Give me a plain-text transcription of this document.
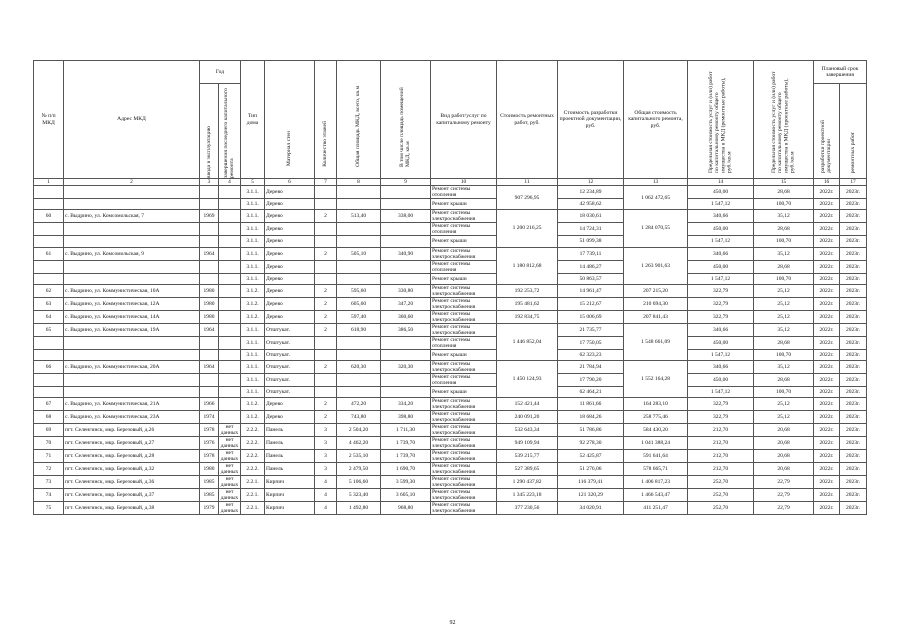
№ п/п МКД	Адрес МКД	Год		Тип дома	Материал стен	Количество этажей	Общая площадь МКД, всего, кв.м	В том числе площадь помещений МКД, кв.м	Вид работ/услуг по капитальному ремонту	Стоимость ремонтных работ, руб.	Стоимость разработки проектной документации, руб.	Общая стоимость капитального ремонта, руб.	Предельная стоимость услуг и (или) работ по капитальному ремонту общего имущества в МКД (ремонтные работы), руб./кв.м	Предельная стоимость услуг и (или) работ по капитальному ремонту общего имущества в МКД (проектные работы), руб./кв.м	Плановый срок завершения	

		ввода в эксплуатацию	завершения последнего капитального ремонта												разработки проектной документации	ремонтных работ

1	2	3	4	5	6	7	8	9	10	11	12	13	14	15	16	17
				3.1.1.	Дерево				Ремонт системы отопления	907 296,95	12 234,89	1 062 472,65	450,00	28,68	2022г.	2023г.
				3.1.1.	Дерево				Ремонт крыши		42 958,62		1 547,12	100,70	2022г.	2023г.
60	с. Выдрино, ул. Комсомольская, 7	1969		3.1.1.	Дерево	2	513,40	338,00	Ремонт системы электроснабжения	1 200 216,25	18 030,61	1 284 070,55	340,66	35,12	2022г.	2023г.
				3.1.1.	Дерево				Ремонт системы отопления		14 724,31		450,00	28,68	2022г.	2023г.
				3.1.1.	Дерево				Ремонт крыши		51 099,38		1 547,12	100,70	2022г.	2023г.
61	с. Выдрино, ул. Комсомольская, 9	1964		3.1.1.	Дерево	2	505,10	340,90	Ремонт системы электроснабжения	1 180 812,68	17 739,11	1 263 901,63	340,66	35,12	2022г.	2023г.
				3.1.1.	Дерево				Ремонт системы отопления		14 486,27		450,00	28,68	2022г.	2023г.
				3.1.1.	Дерево				Ремонт крыши		50 863,57		1 547,12	100,70	2022г.	2023г.
62	с. Выдрино, ул. Коммунистическая, 10А	1980		3.1.2.	Дерево	2	595,60	330,80	Ремонт системы электроснабжения	192 253,72	14 961,47	207 215,20	322,79	25,12	2022г.	2023г.
63	с. Выдрино, ул. Коммунистическая, 12А	1980		3.1.2.	Дерево	2	605,60	347,20	Ремонт системы электроснабжения	195 481,62	15 212,67	210 694,30	322,79	25,12	2022г.	2023г.
64	с. Выдрино, ул. Коммунистическая, 14А	1980		3.1.2.	Дерево	2	597,40	360,60	Ремонт системы электроснабжения	192 834,75	15 006,69	207 841,43	322,79	25,12	2022г.	2023г.
65	с. Выдрино, ул. Коммунистическая, 19А	1964		3.1.1.	Отштукат.	2	618,90	386,50	Ремонт системы электроснабжения	1 446 852,04	21 735,77	1 548 661,09	340,66	35,12	2022г.	2023г.
				3.1.1.	Отштукат.				Ремонт системы отопления		17 750,05		450,00	28,68	2022г.	2023г.
				3.1.1.	Отштукат.				Ремонт крыши		62 323,23		1 547,12	100,70	2022г.	2023г.
66	с. Выдрино, ул. Коммунистическая, 20А	1964		3.1.1.	Отштукат.	2	620,30	320,30	Ремонт системы электроснабжения	1 450 124,93	21 784,94	1 552 164,28	340,66	35,12	2022г.	2023г.
				3.1.1.	Отштукат.				Ремонт системы отопления		17 790,20		450,00	28,68	2022г.	2023г.
				3.1.1.	Отштукат.				Ремонт крыши		62 464,21		1 547,12	100,70	2022г.	2023г.
67	с. Выдрино, ул. Коммунистическая, 21А	1966		3.1.2.	Дерево	2	472,20	334,20	Ремонт системы электроснабжения	152 421,44	11 861,66	164 283,10	322,79	25,12	2022г.	2023г.
68	с. Выдрино, ул. Коммунистическая, 23А	1974		3.1.2.	Дерево	2	743,80	398,80	Ремонт системы электроснабжения	240 091,20	18 684,26	258 775,46	322,79	25,12	2022г.	2023г.
69	пгт. Селенгинск, мкр. Березовый, д.26	1978	нет данных	2.2.2.	Панель	3	2 504,20	1 711,30	Ремонт системы электроснабжения	532 643,34	51 786,86	584 430,20	212,70	20,68	2022г.	2023г.
70	пгт. Селенгинск, мкр. Березовый, д.27	1976	нет данных	2.2.2.	Панель	3	4 462,20	1 739,70	Ремонт системы электроснабжения	949 109,94	92 278,30	1 041 388,24	212,70	20,68	2022г.	2023г.
71	пгт. Селенгинск, мкр. Березовый, д.28	1978	нет данных	2.2.2.	Панель	3	2 535,10	1 739,70	Ремонт системы электроснабжения	539 215,77	52 425,87	591 641,64	212,70	20,68	2022г.	2023г.
72	пгт. Селенгинск, мкр. Березовый, д.32	1980	нет данных	2.2.2.	Панель	3	2 479,50	1 690,70	Ремонт системы электроснабжения	527 389,65	51 276,06	578 665,71	212,70	20,68	2022г.	2023г.
73	пгт. Селенгинск, мкр. Березовый, д.36	1985	нет данных	2.2.1.	Кирпич	4	5 106,60	3 599,30	Ремонт системы электроснабжения	1 290 437,82	116 379,41	1 406 817,23	252,70	22,79	2022г.	2023г.
74	пгт. Селенгинск, мкр. Березовый, д.37	1985	нет данных	2.2.1.	Кирпич	4	5 323,40	3 605,10	Ремонт системы электроснабжения	1 345 223,18	121 320,29	1 466 543,47	252,70	22,79	2022г.	2023г.
75	пгт. Селенгинск, мкр. Березовый, д.38	1979	нет данных	2.2.1.	Кирпич	4	1 492,80	968,80	Ремонт системы электроснабжения	377 230,56	34 020,91	411 251,47	252,70	22,79	2022г.	2023г.
92
